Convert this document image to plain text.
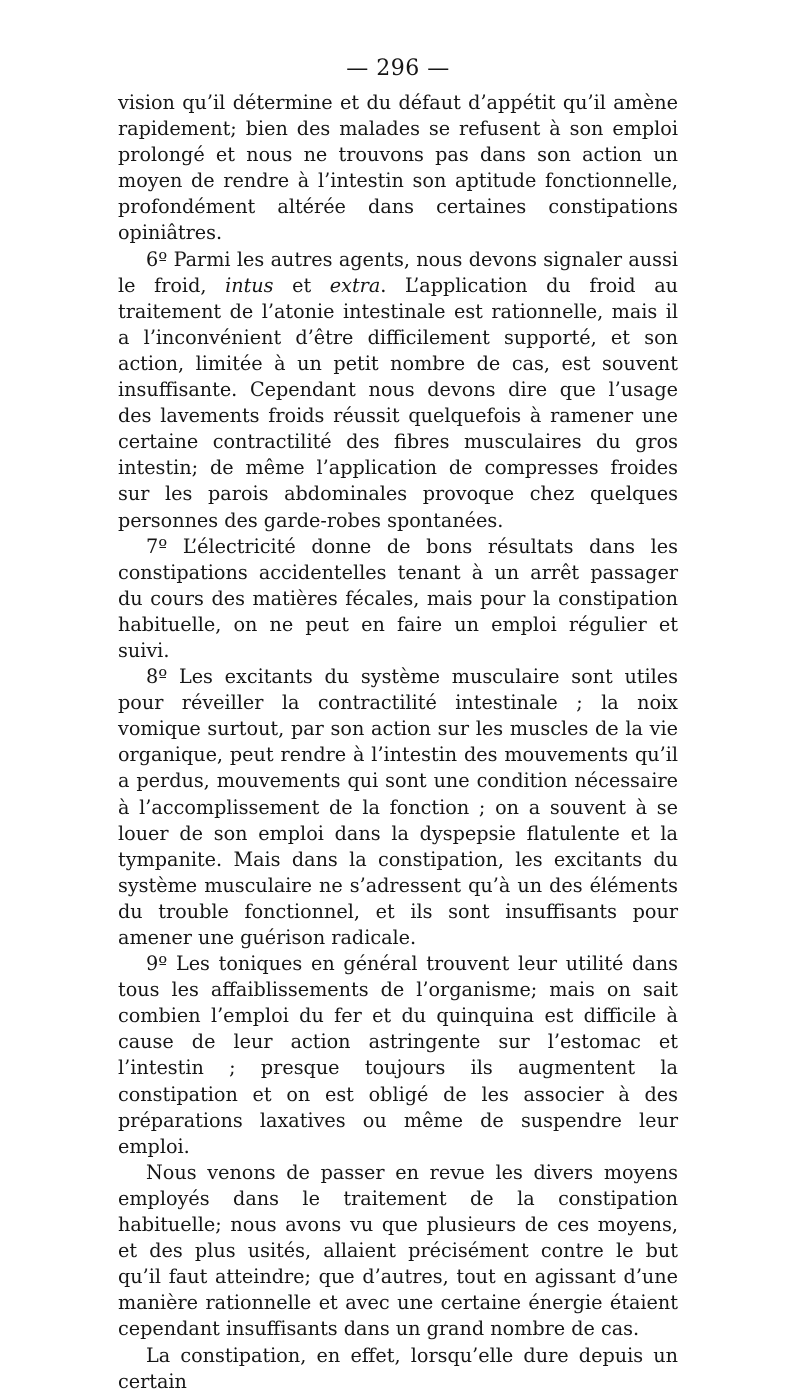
— 296 —

vision qu’il détermine et du défaut d’appétit qu’il amène rapidement; bien des malades se refusent à son emploi prolongé et nous ne trouvons pas dans son action un moyen de rendre à l’intestin son aptitude fonctionnelle, profondément altérée dans certaines constipations opiniâtres.

6º Parmi les autres agents, nous devons signaler aussi le froid, intus et extra. L’application du froid au traitement de l’atonie intestinale est rationnelle, mais il a l’inconvénient d’être difficilement supporté, et son action, limitée à un petit nombre de cas, est souvent insuffisante. Cependant nous devons dire que l’usage des lavements froids réussit quelquefois à ramener une certaine contractilité des fibres musculaires du gros intestin; de même l’application de compresses froides sur les parois abdominales provoque chez quelques personnes des garde-robes spontanées.

7º L’électricité donne de bons résultats dans les constipations accidentelles tenant à un arrêt passager du cours des matières fécales, mais pour la constipation habituelle, on ne peut en faire un emploi régulier et suivi.

8º Les excitants du système musculaire sont utiles pour réveiller la contractilité intestinale ; la noix vomique surtout, par son action sur les muscles de la vie organique, peut rendre à l’intestin des mouvements qu’il a perdus, mouvements qui sont une condition nécessaire à l’accomplissement de la fonction ; on a souvent à se louer de son emploi dans la dyspepsie flatulente et la tympanite. Mais dans la constipation, les excitants du système musculaire ne s’adressent qu’à un des éléments du trouble fonctionnel, et ils sont insuffisants pour amener une guérison radicale.

9º Les toniques en général trouvent leur utilité dans tous les affaiblissements de l’organisme; mais on sait combien l’emploi du fer et du quinquina est difficile à cause de leur action astringente sur l’estomac et l’intestin ; presque toujours ils augmentent la constipation et on est obligé de les associer à des préparations laxatives ou même de suspendre leur emploi.

Nous venons de passer en revue les divers moyens employés dans le traitement de la constipation habituelle; nous avons vu que plusieurs de ces moyens, et des plus usités, allaient précisément contre le but qu’il faut atteindre; que d’autres, tout en agissant d’une manière rationnelle et avec une certaine énergie étaient cependant insuffisants dans un grand nombre de cas.

La constipation, en effet, lorsqu’elle dure depuis un certain
